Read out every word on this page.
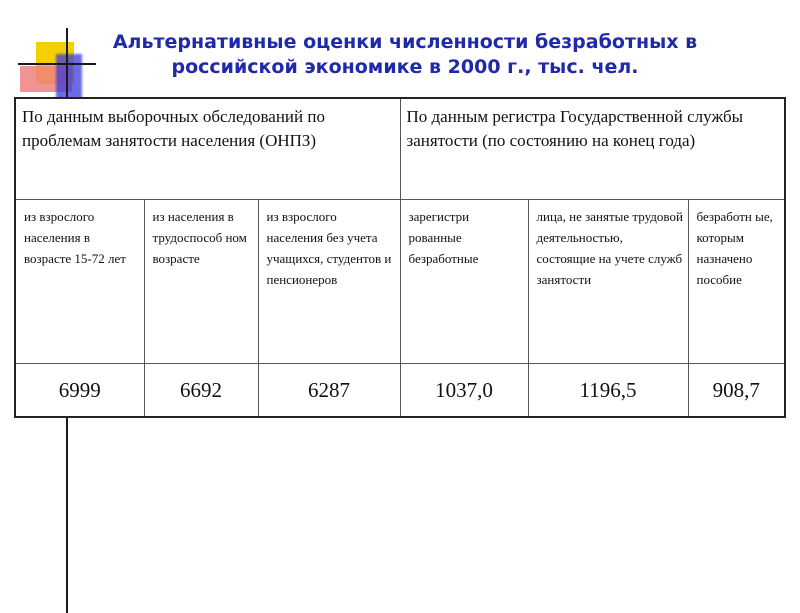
Альтернативные оценки численности безработных в российской экономике в 2000 г., тыс. чел.
По данным выборочных обследований по проблемам занятости населения (ОНПЗ)			По данным регистра Государственной службы занятости (по состоянию на конец года)		
из взрослого населения в возрасте 15-72 лет	из населения в трудоспособ ном возрасте	из взрослого населения без учета учащихся, студентов и пенсионеров	зарегистри рованные безработные	лица, не занятые трудовой деятельностью, состоящие на учете служб занятости	безработн ые, которым назначено пособие
6999	6692	6287	1037,0	1196,5	908,7
